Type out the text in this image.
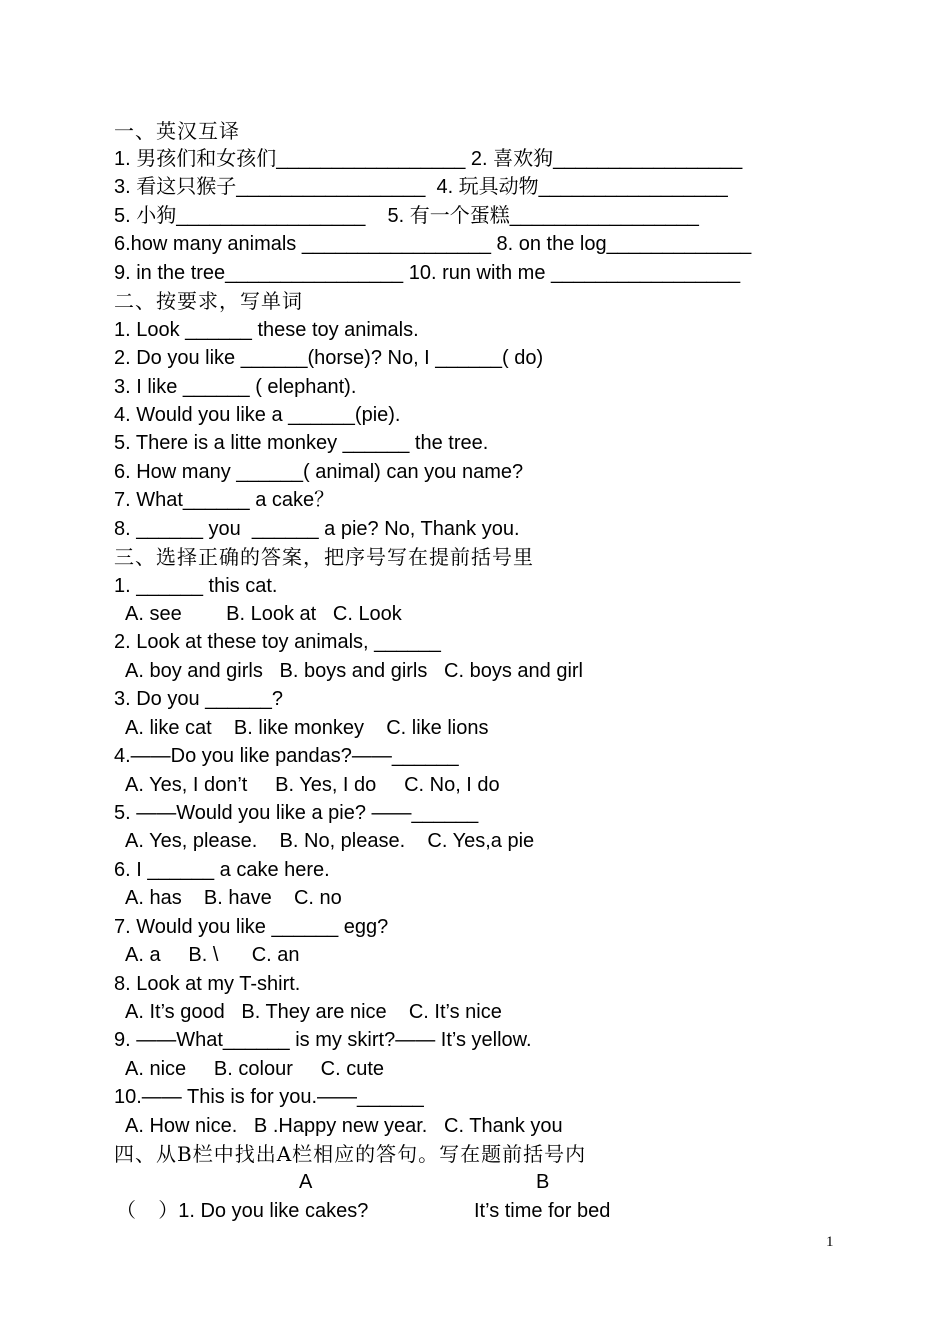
一、英汉互译
1. 男孩们和女孩们_________________ 2. 喜欢狗_________________
3. 看这只猴子_________________  4. 玩具动物_________________
5. 小狗_________________    5. 有一个蛋糕_________________
6.how many animals _________________ 8. on the log_____________
9. in the tree________________ 10. run with me _________________
二、按要求，写单词
1. Look ______ these toy animals.
2. Do you like ______(horse)? No, I ______( do)
3. I like ______ ( elephant).
4. Would you like a ______(pie).
5. There is a litte monkey ______ the tree.
6. How many ______( animal) can you name?
7. What______ a cake？
8. ______ you  ______ a pie? No, Thank you.
三、选择正确的答案，把序号写在提前括号里
1. ______ this cat.
A. see        B. Look at   C. Look
2. Look at these toy animals, ______
A. boy and girls   B. boys and girls   C. boys and girl
3. Do you ______?
A. like cat    B. like monkey    C. like lions
4.——Do you like pandas?——______
A. Yes, I don’t     B. Yes, I do     C. No, I do
5. ——Would you like a pie? ——______
A. Yes, please.    B. No, please.    C. Yes,a pie
6. I ______ a cake here.
A. has    B. have    C. no
7. Would you like ______ egg?
A. a     B. \      C. an
8. Look at my T-shirt.
A. It’s good   B. They are nice    C. It’s nice
9. ——What______ is my skirt?—— It’s yellow.
A. nice     B. colour     C. cute
10.—— This is for you.——______
A. How nice.   B .Happy new year.   C. Thank you
四、从B栏中找出A栏相应的答句。写在题前括号内
A	B
（    ）1. Do you like cakes?	It’s time for bed
1
